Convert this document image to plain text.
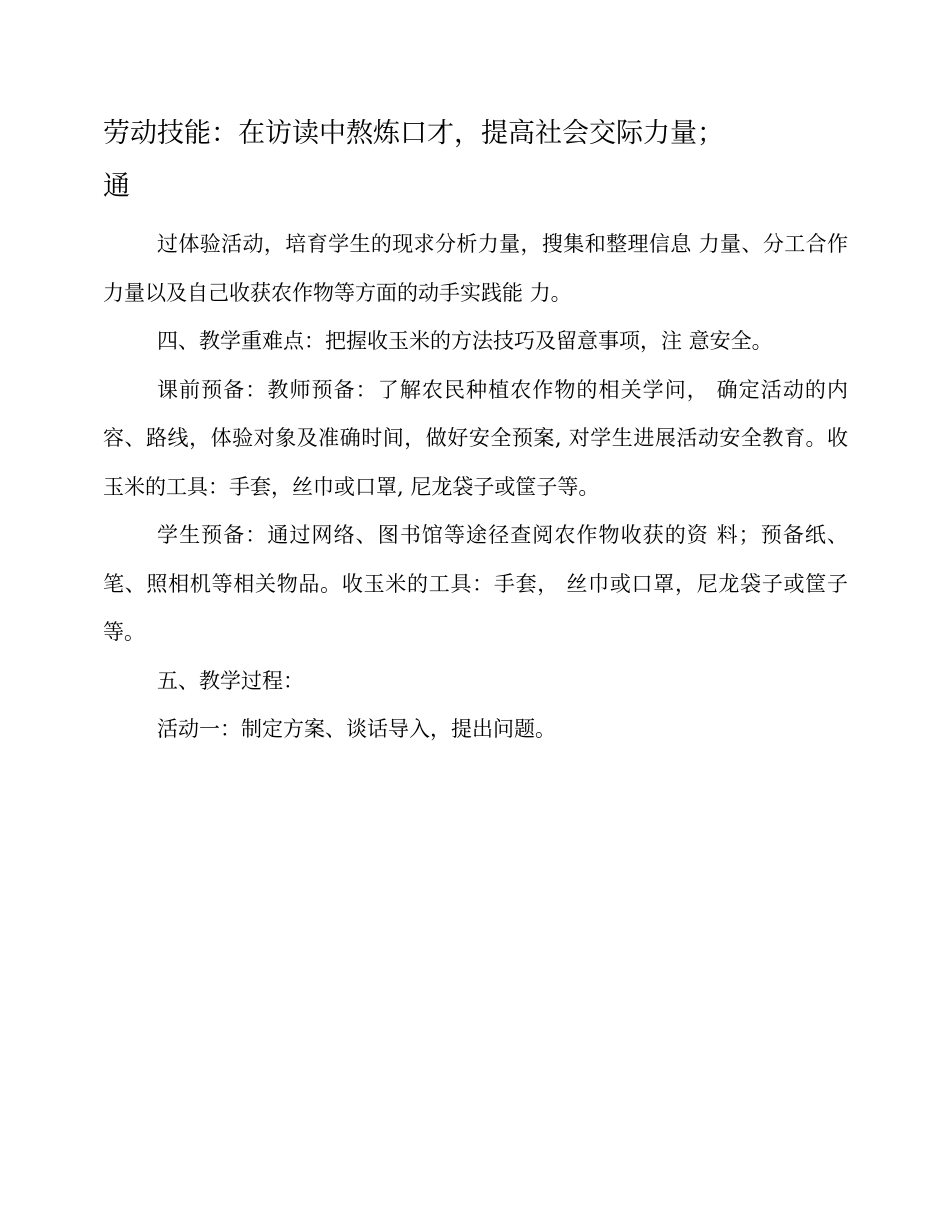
劳动技能：在访读中熬炼口才，提高社会交际力量；
通

过体验活动，培育学生的现求分析力量，搜集和整理信息 力量、分工合作力量以及自己收获农作物等方面的动手实践能 力。

四、教学重难点：把握收玉米的方法技巧及留意事项，注 意安全。

课前预备：教师预备：了解农民种植农作物的相关学问， 确定活动的内容、路线，体验对象及准确时间，做好安全预案, 对学生进展活动安全教育。收玉米的工具：手套，丝巾或口罩, 尼龙袋子或筐子等。

学生预备：通过网络、图书馆等途径查阅农作物收获的资 料；预备纸、笔、照相机等相关物品。收玉米的工具：手套， 丝巾或口罩，尼龙袋子或筐子等。

五、教学过程：

活动一：制定方案、谈话导入，提出问题。
